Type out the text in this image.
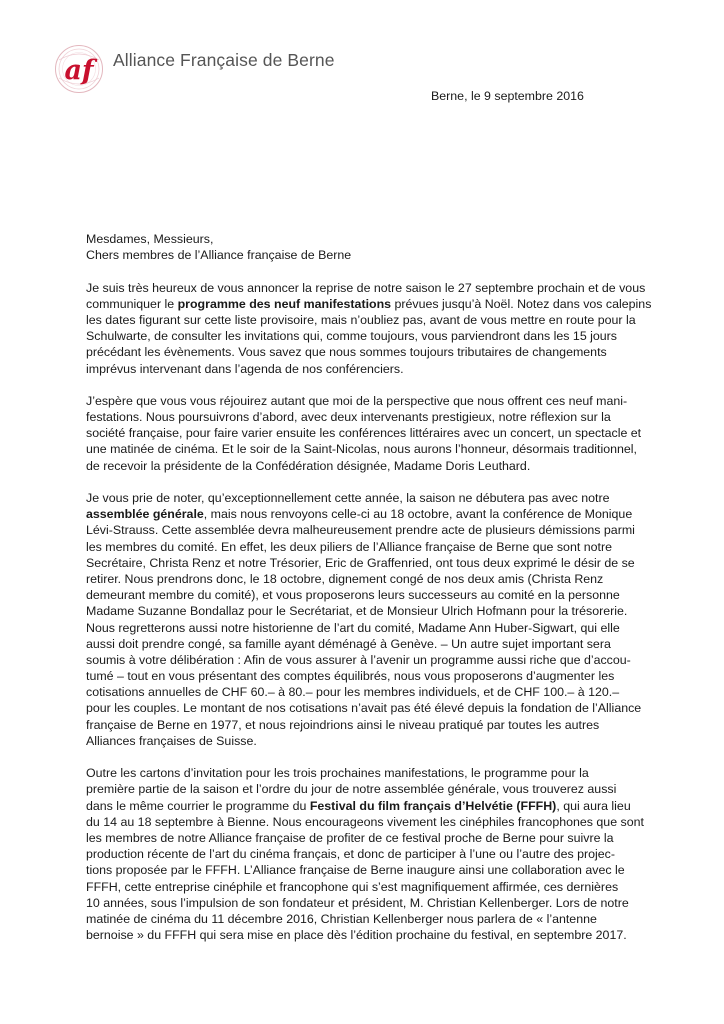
af Alliance Française de Berne
Berne, le 9 septembre 2016
Mesdames, Messieurs,
Chers membres de l’Alliance française de Berne
Je suis très heureux de vous annoncer la reprise de notre saison le 27 septembre prochain et de vous
communiquer le programme des neuf manifestations prévues jusqu’à Noël. Notez dans vos calepins
les dates figurant sur cette liste provisoire, mais n’oubliez pas, avant de vous mettre en route pour la
Schulwarte, de consulter les invitations qui, comme toujours, vous parviendront dans les 15 jours
précédant les évènements. Vous savez que nous sommes toujours tributaires de changements
imprévus intervenant dans l’agenda de nos conférenciers.
J’espère que vous vous réjouirez autant que moi de la perspective que nous offrent ces neuf mani-
festations. Nous poursuivrons d’abord, avec deux intervenants prestigieux, notre réflexion sur la
société française, pour faire varier ensuite les conférences littéraires avec un concert, un spectacle et
une matinée de cinéma. Et le soir de la Saint-Nicolas, nous aurons l’honneur, désormais traditionnel,
de recevoir la présidente de la Confédération désignée, Madame Doris Leuthard.
Je vous prie de noter, qu’exceptionnellement cette année, la saison ne débutera pas avec notre
assemblée générale, mais nous renvoyons celle-ci au 18 octobre, avant la conférence de Monique
Lévi-Strauss. Cette assemblée devra malheureusement prendre acte de plusieurs démissions parmi
les membres du comité. En effet, les deux piliers de l’Alliance française de Berne que sont notre
Secrétaire, Christa Renz et notre Trésorier, Eric de Graffenried, ont tous deux exprimé le désir de se
retirer. Nous prendrons donc, le 18 octobre, dignement congé de nos deux amis (Christa Renz
demeurant membre du comité), et vous proposerons leurs successeurs au comité en la personne
Madame Suzanne Bondallaz pour le Secrétariat, et de Monsieur Ulrich Hofmann pour la trésorerie.
Nous regretterons aussi notre historienne de l’art du comité, Madame Ann Huber-Sigwart, qui elle
aussi doit prendre congé, sa famille ayant déménagé à Genève. – Un autre sujet important sera
soumis à votre délibération : Afin de vous assurer à l’avenir un programme aussi riche que d’accou-
tumé – tout en vous présentant des comptes équilibrés, nous vous proposerons d’augmenter les
cotisations annuelles de CHF 60.– à 80.– pour les membres individuels, et de CHF 100.– à 120.–
pour les couples. Le montant de nos cotisations n’avait pas été élevé depuis la fondation de l’Alliance
française de Berne en 1977, et nous rejoindrions ainsi le niveau pratiqué par toutes les autres
Alliances françaises de Suisse.
Outre les cartons d’invitation pour les trois prochaines manifestations, le programme pour la
première partie de la saison et l’ordre du jour de notre assemblée générale, vous trouverez aussi
dans le même courrier le programme du Festival du film français d’Helvétie (FFFH), qui aura lieu
du 14 au 18 septembre à Bienne. Nous encourageons vivement les cinéphiles francophones que sont
les membres de notre Alliance française de profiter de ce festival proche de Berne pour suivre la
production récente de l’art du cinéma français, et donc de participer à l’une ou l’autre des projec-
tions proposée par le FFFH. L’Alliance française de Berne inaugure ainsi une collaboration avec le
FFFH, cette entreprise cinéphile et francophone qui s’est magnifiquement affirmée, ces dernières
10 années, sous l’impulsion de son fondateur et président, M. Christian Kellenberger. Lors de notre
matinée de cinéma du 11 décembre 2016, Christian Kellenberger nous parlera de « l’antenne
bernoise » du FFFH qui sera mise en place dès l’édition prochaine du festival, en septembre 2017.
